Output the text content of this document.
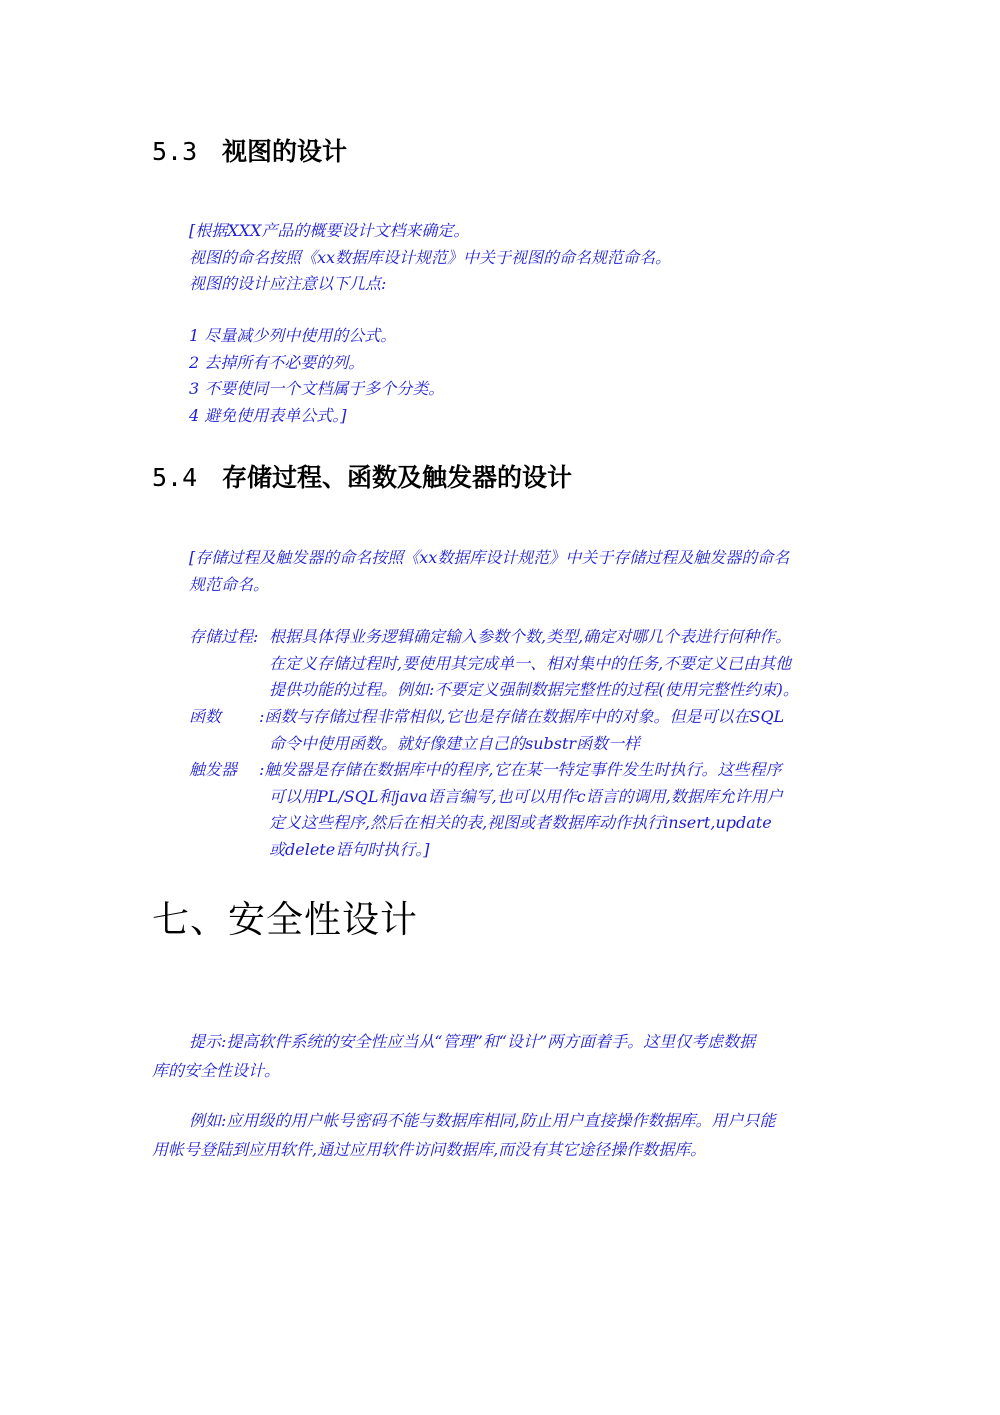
5.3 视图的设计
[根据XXX产品的概要设计文档来确定。
视图的命名按照《xx数据库设计规范》中关于视图的命名规范命名。
视图的设计应注意以下几点:
1 尽量减少列中使用的公式。
2 去掉所有不必要的列。
3 不要使同一个文档属于多个分类。
4 避免使用表单公式。]
5.4 存储过程、函数及触发器的设计
[存储过程及触发器的命名按照《xx数据库设计规范》中关于存储过程及触发器的命名
规范命名。
存储过程: 根据具体得业务逻辑确定输入参数个数,类型,确定对哪几个表进行何种作。
在定义存储过程时,要使用其完成单一、相对集中的任务,不要定义已由其他
提供功能的过程。例如:不要定义强制数据完整性的过程(使用完整性约束)。
函数 :函数与存储过程非常相似,它也是存储在数据库中的对象。但是可以在SQL
命令中使用函数。就好像建立自己的substr函数一样
触发器 :触发器是存储在数据库中的程序,它在某一特定事件发生时执行。这些程序
可以用PL/SQL和java语言编写,也可以用作c语言的调用,数据库允许用户
定义这些程序,然后在相关的表,视图或者数据库动作执行insert,update
或delete语句时执行。]
七、安全性设计
提示:提高软件系统的安全性应当从“管理”和“设计”两方面着手。这里仅考虑数据
库的安全性设计。
例如:应用级的用户帐号密码不能与数据库相同,防止用户直接操作数据库。用户只能
用帐号登陆到应用软件,通过应用软件访问数据库,而没有其它途径操作数据库。
